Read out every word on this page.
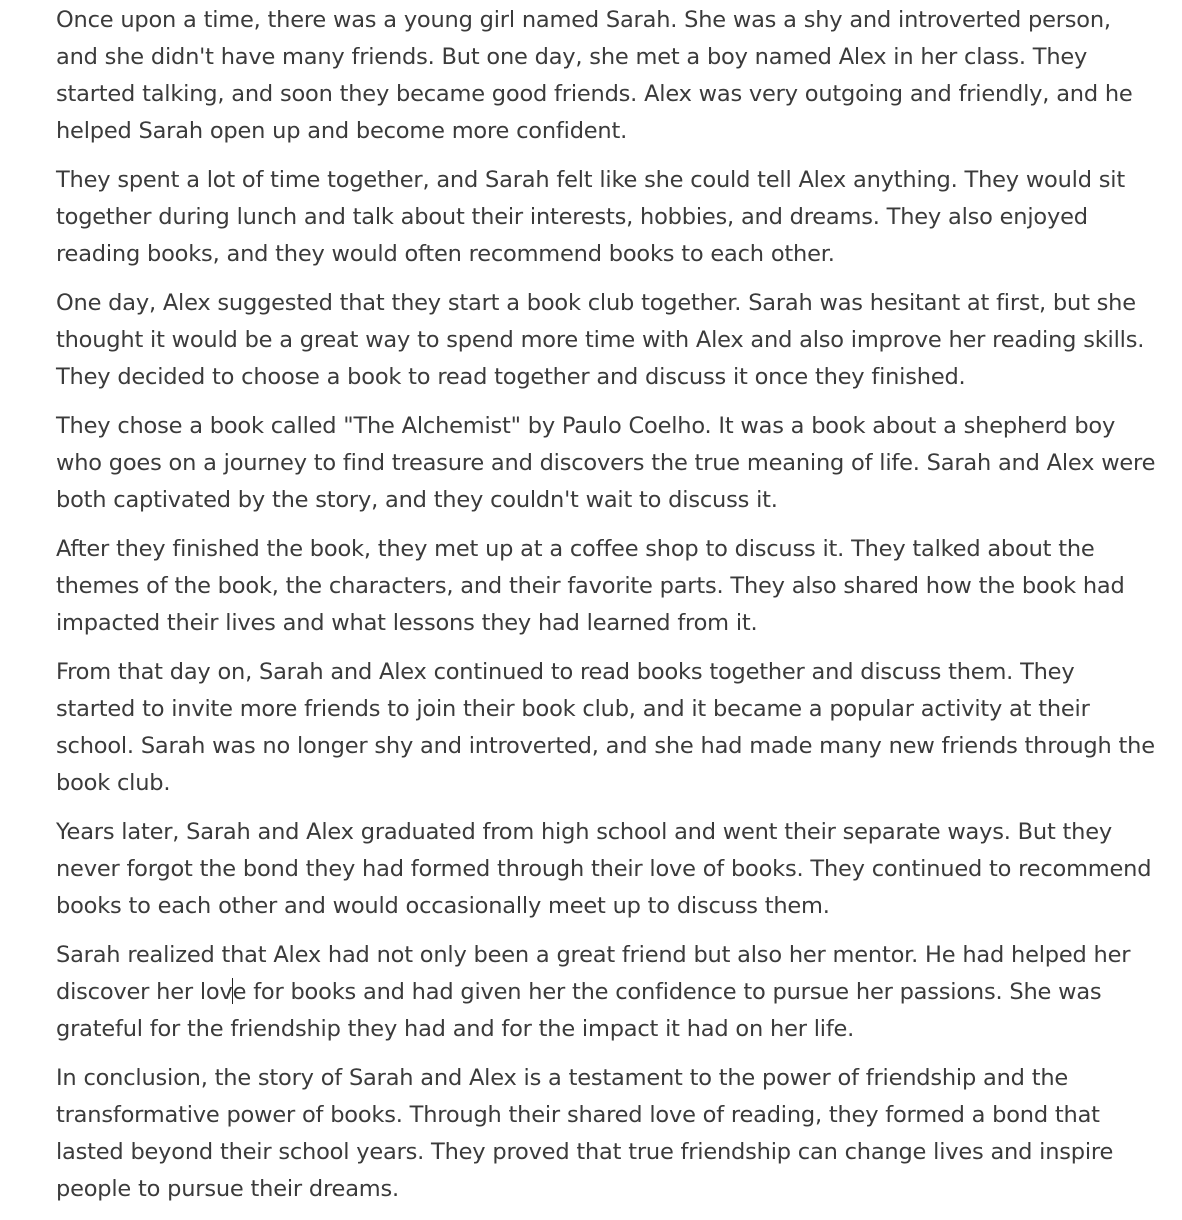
Once upon a time, there was a young girl named Sarah. She was a shy and introverted person, and she didn't have many friends. But one day, she met a boy named Alex in her class. They started talking, and soon they became good friends. Alex was very outgoing and friendly, and he helped Sarah open up and become more confident.

They spent a lot of time together, and Sarah felt like she could tell Alex anything. They would sit together during lunch and talk about their interests, hobbies, and dreams. They also enjoyed reading books, and they would often recommend books to each other.

One day, Alex suggested that they start a book club together. Sarah was hesitant at first, but she thought it would be a great way to spend more time with Alex and also improve her reading skills. They decided to choose a book to read together and discuss it once they finished.

They chose a book called "The Alchemist" by Paulo Coelho. It was a book about a shepherd boy who goes on a journey to find treasure and discovers the true meaning of life. Sarah and Alex were both captivated by the story, and they couldn't wait to discuss it.

After they finished the book, they met up at a coffee shop to discuss it. They talked about the themes of the book, the characters, and their favorite parts. They also shared how the book had impacted their lives and what lessons they had learned from it.

From that day on, Sarah and Alex continued to read books together and discuss them. They started to invite more friends to join their book club, and it became a popular activity at their school. Sarah was no longer shy and introverted, and she had made many new friends through the book club.

Years later, Sarah and Alex graduated from high school and went their separate ways. But they never forgot the bond they had formed through their love of books. They continued to recommend books to each other and would occasionally meet up to discuss them.

Sarah realized that Alex had not only been a great friend but also her mentor. He had helped her discover her love for books and had given her the confidence to pursue her passions. She was grateful for the friendship they had and for the impact it had on her life.

In conclusion, the story of Sarah and Alex is a testament to the power of friendship and the transformative power of books. Through their shared love of reading, they formed a bond that lasted beyond their school years. They proved that true friendship can change lives and inspire people to pursue their dreams.
